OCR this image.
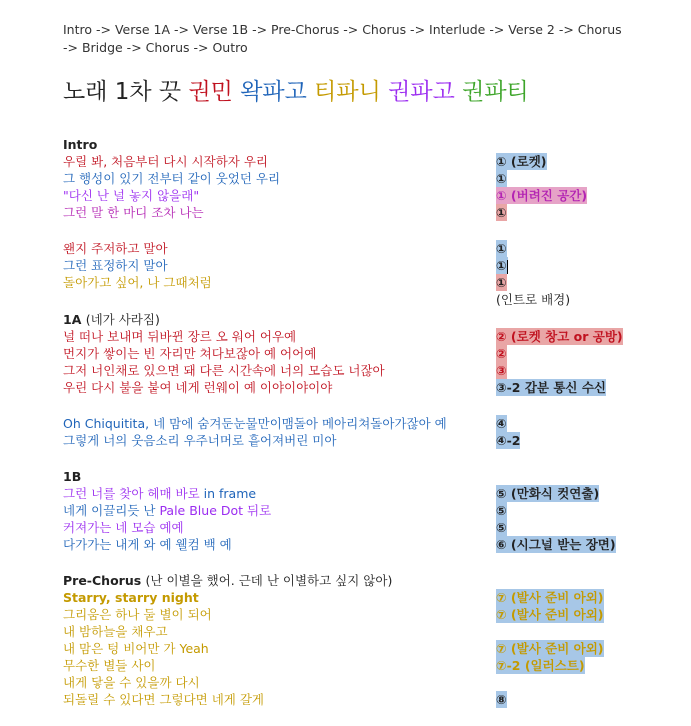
Intro -> Verse 1A -> Verse 1B -> Pre-Chorus -> Chorus -> Interlude -> Verse 2 -> Chorus -> Bridge -> Chorus -> Outro
노래 1차 끗 권민 왁파고 티파니 권파고 권파티
Intro
우릴 봐, 처음부터 다시 시작하자 우리	① (로켓)
그 행성이 있기 전부터 같이 웃었던 우리	①
"다신 난 널 놓지 않을래"	① (버려진 공간)
그런 말 한 마디 조차 나는	①
왠지 주저하고 말아	①
그런 표정하지 말아	①
돌아가고 싶어, 나 그때처럼	①
(인트로 배경)
1A (네가 사라짐)
널 떠나 보내며 뒤바뀐 장르 오 워어 어우예	② (로켓 창고 or 공방)
먼지가 쌓이는 빈 자리만 쳐다보잖아 예 어어예	②
그저 너인채로 있으면 돼 다른 시간속에 너의 모습도 너잖아	③
우린 다시 불을 붙여 네게 런웨이 예 이야이야이야	③-2 갑분 통신 수신
Oh Chiquitita, 네 맘에 숨겨둔눈물만이맴돌아 메아리쳐돌아가잖아 예	④
그렇게 너의 웃음소리 우주너머로 흩어져버린 미아	④-2
1B
그런 너를 찾아 헤매 바로 in frame	⑤ (만화식 컷연출)
네게 이끌리듯 난 Pale Blue Dot 뒤로	⑤
커져가는 네 모습 예예	⑤
다가가는 내게 와 예 웰컴 백 예	⑥ (시그널 받는 장면)
Pre-Chorus (난 이별을 했어. 근데 난 이별하고 싶지 않아)
Starry, starry night	⑦ (발사 준비 아외)
그리움은 하나 둘 별이 되어	⑦ (발사 준비 아외)
내 밤하늘을 채우고
내 맘은 텅 비어만 가 Yeah	⑦ (발사 준비 아외)
무수한 별들 사이	⑦-2 (일러스트)
내게 닿을 수 있을까 다시
되돌릴 수 있다면 그렇다면 네게 갈게	⑧
